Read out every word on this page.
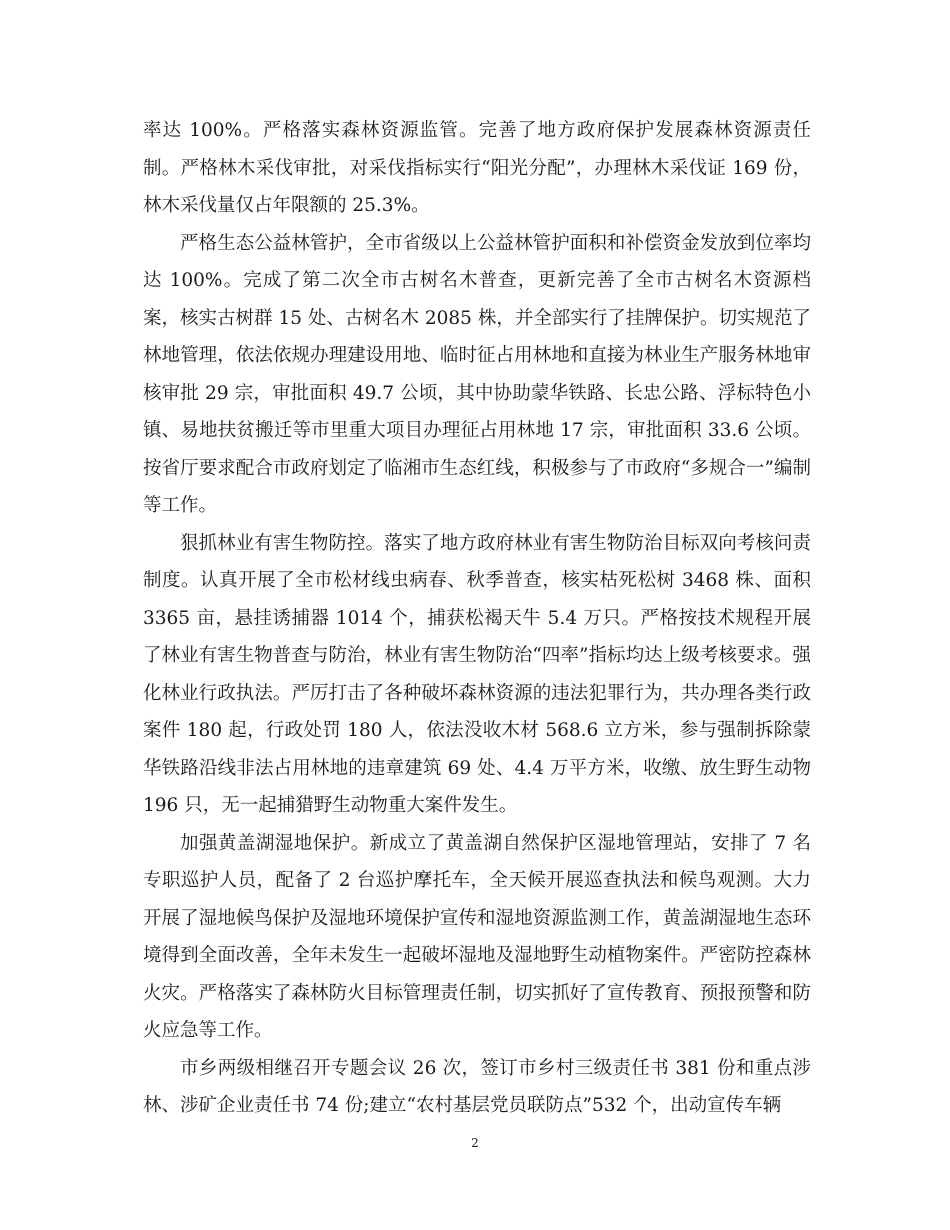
率达 100%。严格落实森林资源监管。完善了地方政府保护发展森林资源责任制。严格林木采伐审批，对采伐指标实行“阳光分配”，办理林木采伐证 169 份，林木采伐量仅占年限额的 25.3%。

严格生态公益林管护，全市省级以上公益林管护面积和补偿资金发放到位率均达 100%。完成了第二次全市古树名木普查，更新完善了全市古树名木资源档案，核实古树群 15 处、古树名木 2085 株，并全部实行了挂牌保护。切实规范了林地管理，依法依规办理建设用地、临时征占用林地和直接为林业生产服务林地审核审批 29 宗，审批面积 49.7 公顷，其中协助蒙华铁路、长忠公路、浮标特色小镇、易地扶贫搬迁等市里重大项目办理征占用林地 17 宗，审批面积 33.6 公顷。按省厅要求配合市政府划定了临湘市生态红线，积极参与了市政府“多规合一”编制等工作。

狠抓林业有害生物防控。落实了地方政府林业有害生物防治目标双向考核问责制度。认真开展了全市松材线虫病春、秋季普查，核实枯死松树 3468 株、面积 3365 亩，悬挂诱捕器 1014 个，捕获松褐天牛 5.4 万只。严格按技术规程开展了林业有害生物普查与防治，林业有害生物防治“四率”指标均达上级考核要求。强化林业行政执法。严厉打击了各种破坏森林资源的违法犯罪行为，共办理各类行政案件 180 起，行政处罚 180 人，依法没收木材 568.6 立方米，参与强制拆除蒙华铁路沿线非法占用林地的违章建筑 69 处、4.4 万平方米，收缴、放生野生动物 196 只，无一起捕猎野生动物重大案件发生。

加强黄盖湖湿地保护。新成立了黄盖湖自然保护区湿地管理站，安排了 7 名专职巡护人员，配备了 2 台巡护摩托车，全天候开展巡查执法和候鸟观测。大力开展了湿地候鸟保护及湿地环境保护宣传和湿地资源监测工作，黄盖湖湿地生态环境得到全面改善，全年未发生一起破坏湿地及湿地野生动植物案件。严密防控森林火灾。严格落实了森林防火目标管理责任制，切实抓好了宣传教育、预报预警和防火应急等工作。

市乡两级相继召开专题会议 26 次，签订市乡村三级责任书 381 份和重点涉林、涉矿企业责任书 74 份;建立“农村基层党员联防点”532 个，出动宣传车辆

2
